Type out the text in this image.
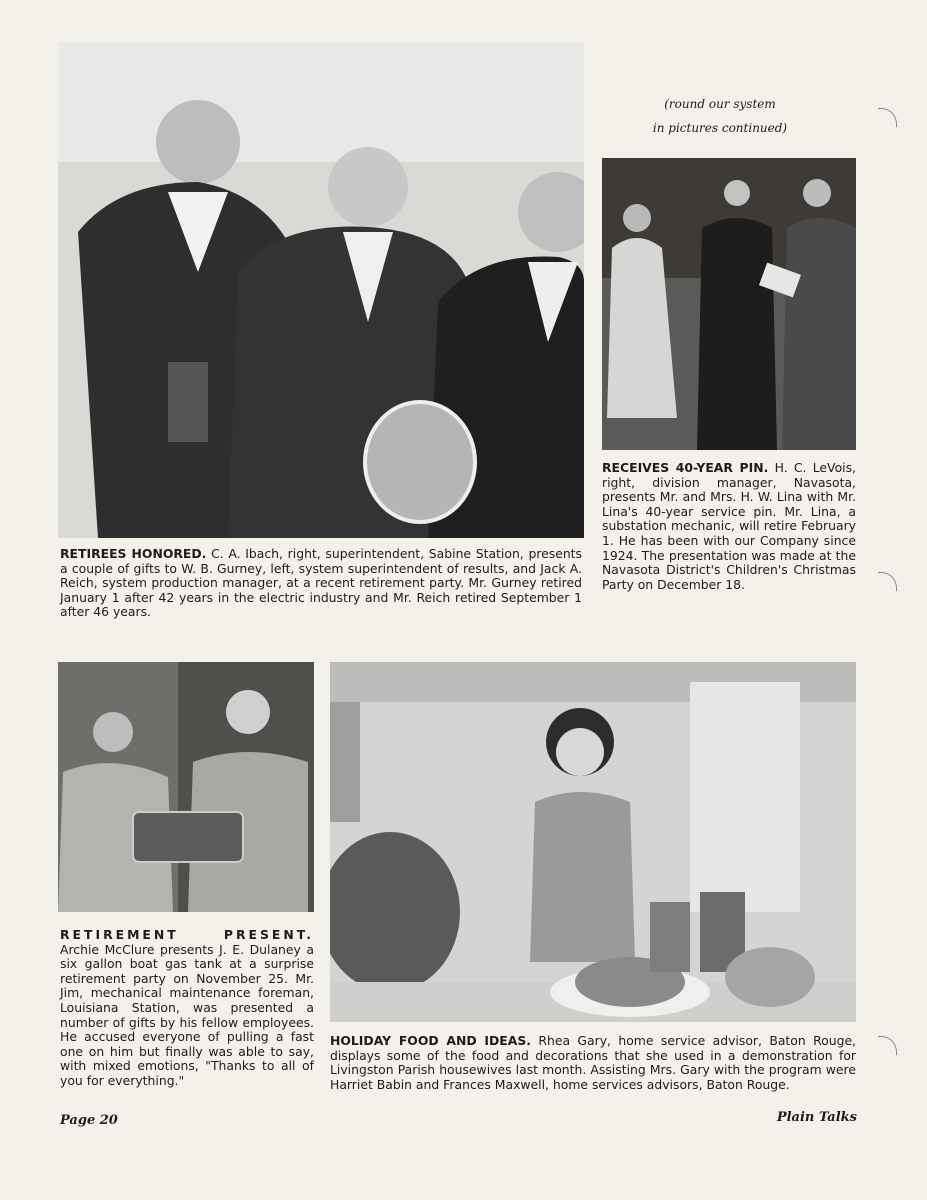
(round our system
in pictures continued)
RETIREES HONORED. C. A. Ibach, right, superintendent, Sabine Station, presents a couple of gifts to W. B. Gurney, left, system superintendent of results, and Jack A. Reich, system production manager, at a recent retirement party. Mr. Gurney retired January 1 after 42 years in the electric industry and Mr. Reich retired September 1 after 46 years.
RECEIVES 40-YEAR PIN. H. C. LeVois, right, division manager, Navasota, presents Mr. and Mrs. H. W. Lina with Mr. Lina's 40-year service pin. Mr. Lina, a substation mechanic, will retire February 1. He has been with our Company since 1924. The presentation was made at the Navasota District's Children's Christmas Party on December 18.
RETIREMENT PRESENT. Archie McClure presents J. E. Dulaney a six gallon boat gas tank at a surprise retirement party on November 25. Mr. Jim, mechanical maintenance foreman, Louisiana Station, was presented a number of gifts by his fellow employees. He accused everyone of pulling a fast one on him but finally was able to say, with mixed emotions, "Thanks to all of you for everything."
HOLIDAY FOOD AND IDEAS. Rhea Gary, home service advisor, Baton Rouge, displays some of the food and decorations that she used in a demonstration for Livingston Parish housewives last month. Assisting Mrs. Gary with the program were Harriet Babin and Frances Maxwell, home services advisors, Baton Rouge.
Page 20	Plain Talks
